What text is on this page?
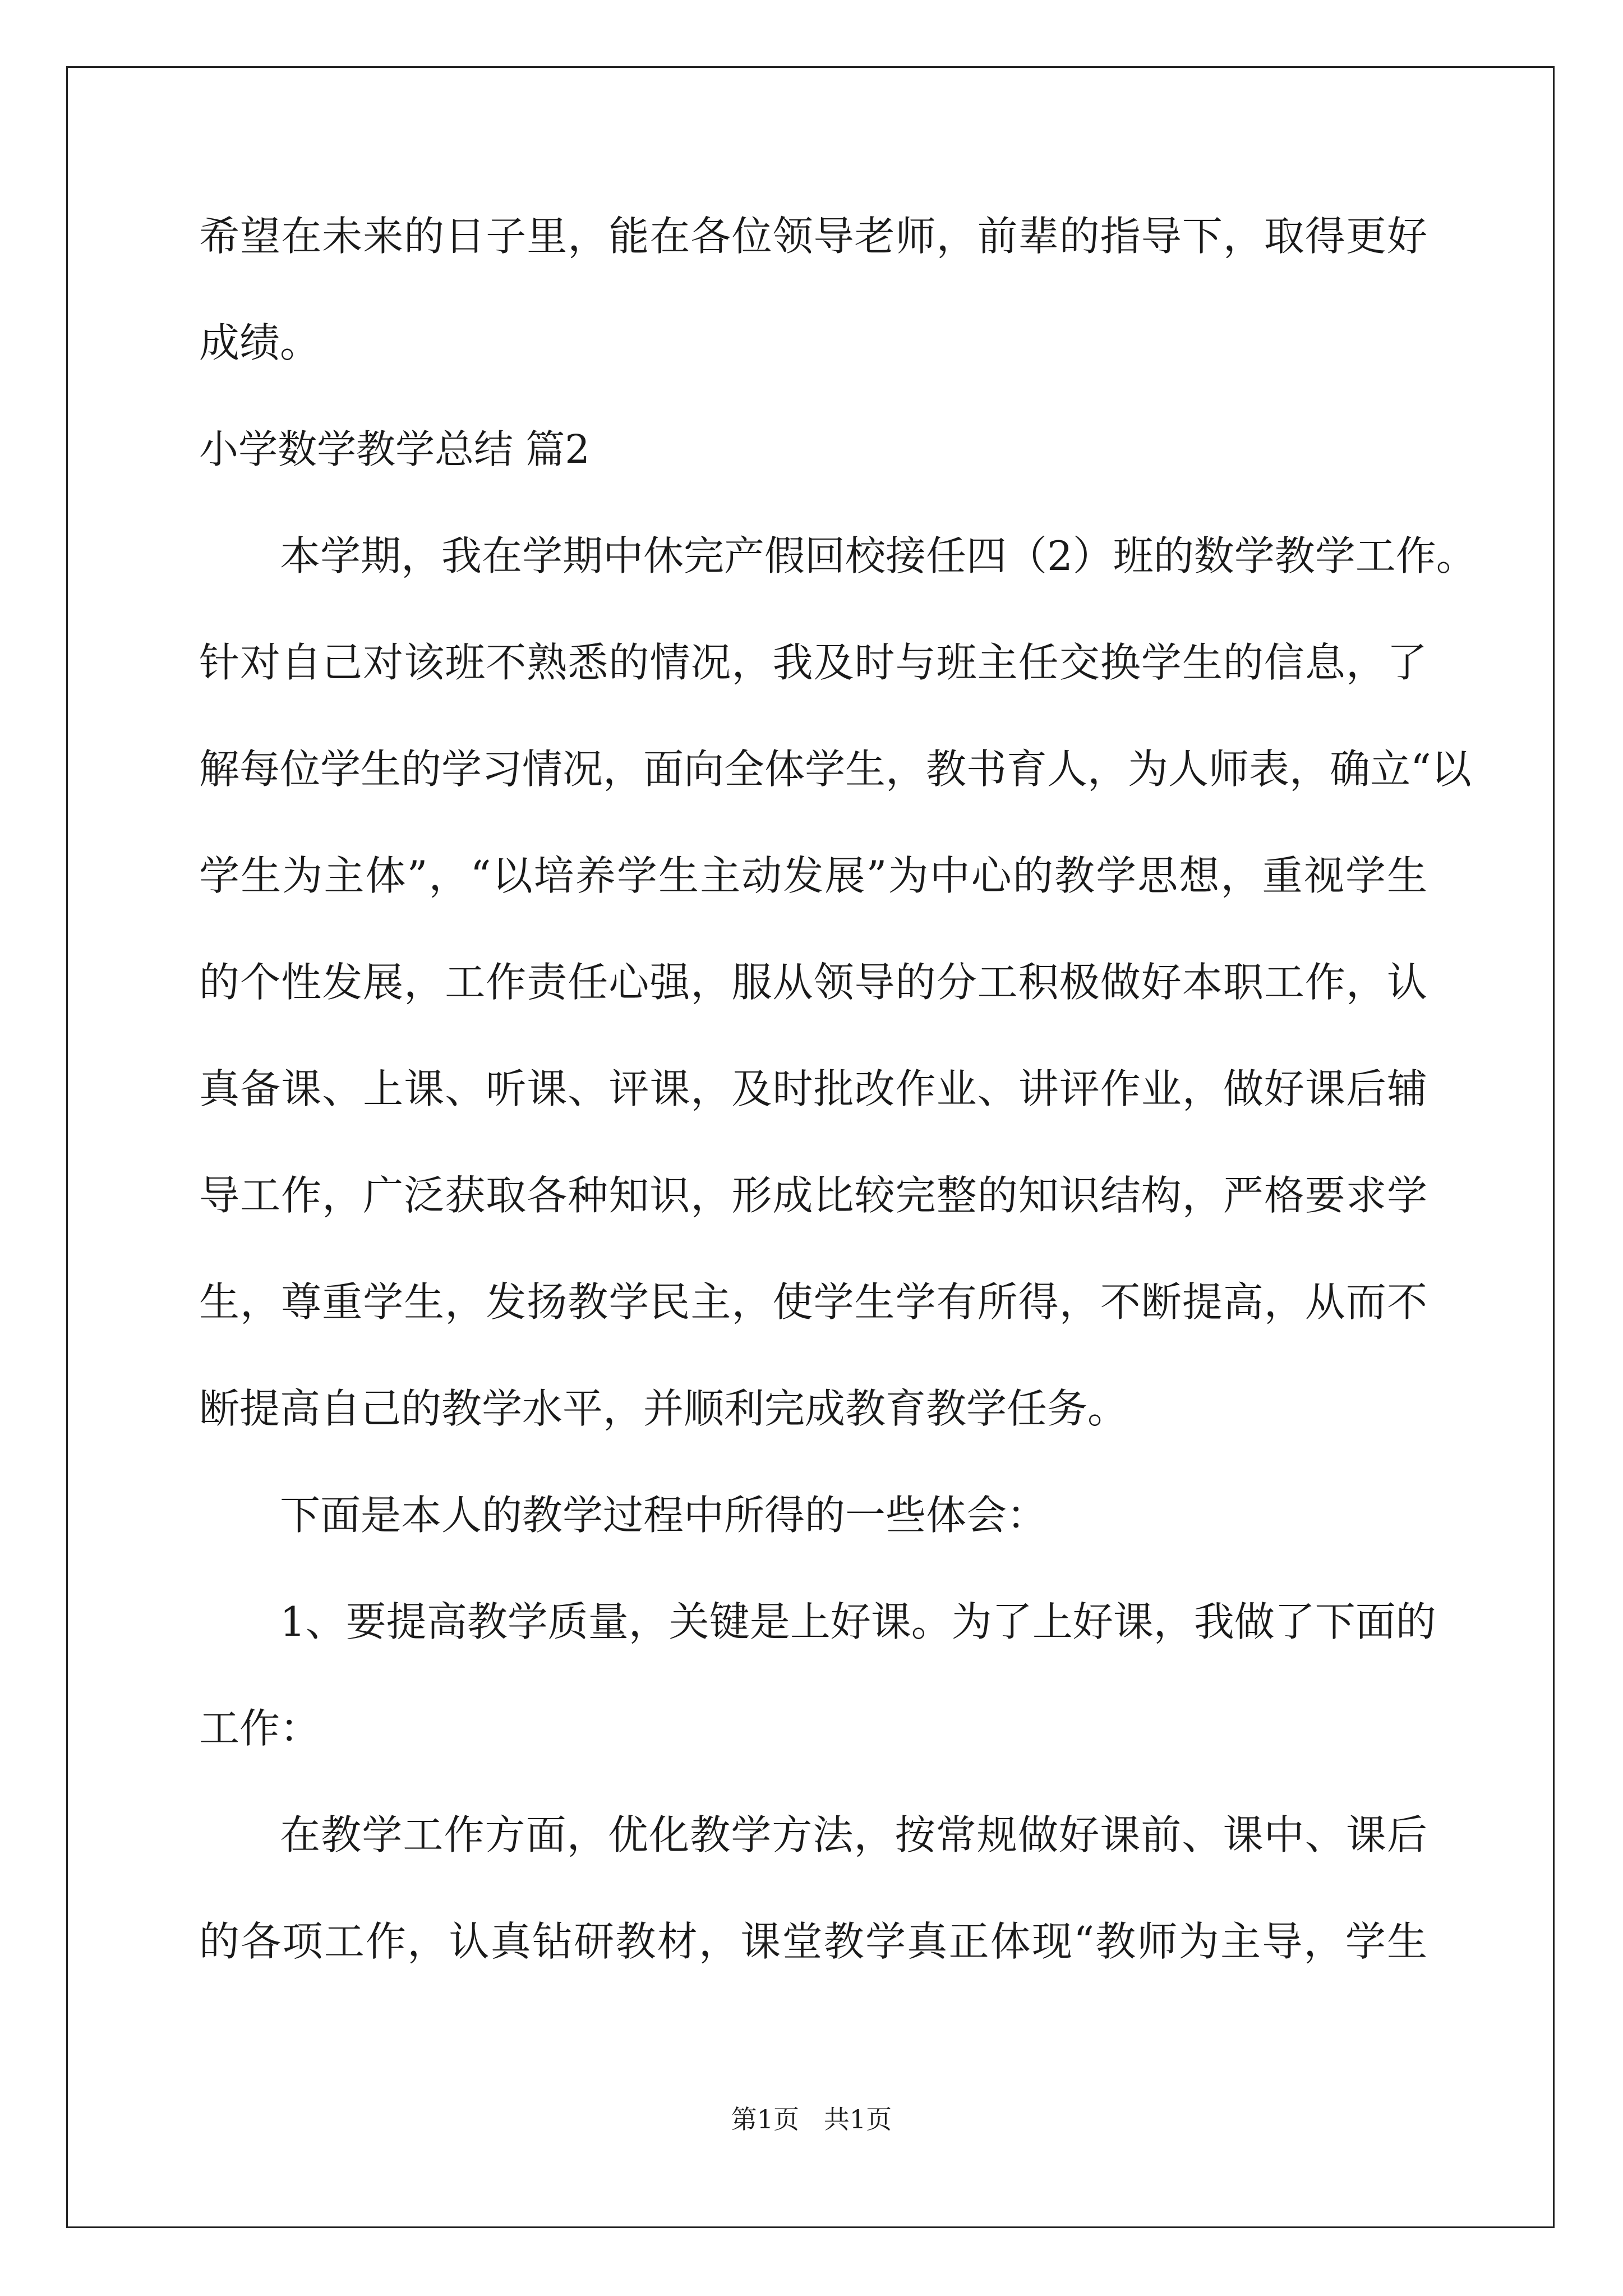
希望在未来的日子里，能在各位领导老师，前辈的指导下，取得更好
成绩。
小学数学教学总结 篇2
本学期，我在学期中休完产假回校接任四（2）班的数学教学工作。
针对自己对该班不熟悉的情况，我及时与班主任交换学生的信息，了
解每位学生的学习情况，面向全体学生，教书育人，为人师表，确立“以
学生为主体”，“以培养学生主动发展”为中心的教学思想，重视学生
的个性发展，工作责任心强，服从领导的分工积极做好本职工作，认
真备课、上课、听课、评课，及时批改作业、讲评作业，做好课后辅
导工作，广泛获取各种知识，形成比较完整的知识结构，严格要求学
生，尊重学生，发扬教学民主，使学生学有所得，不断提高，从而不
断提高自己的教学水平，并顺利完成教育教学任务。
下面是本人的教学过程中所得的一些体会：
1、要提高教学质量，关键是上好课。为了上好课，我做了下面的
工作：
在教学工作方面，优化教学方法，按常规做好课前、课中、课后
的各项工作，认真钻研教材，课堂教学真正体现“教师为主导，学生
第1页   共1页
